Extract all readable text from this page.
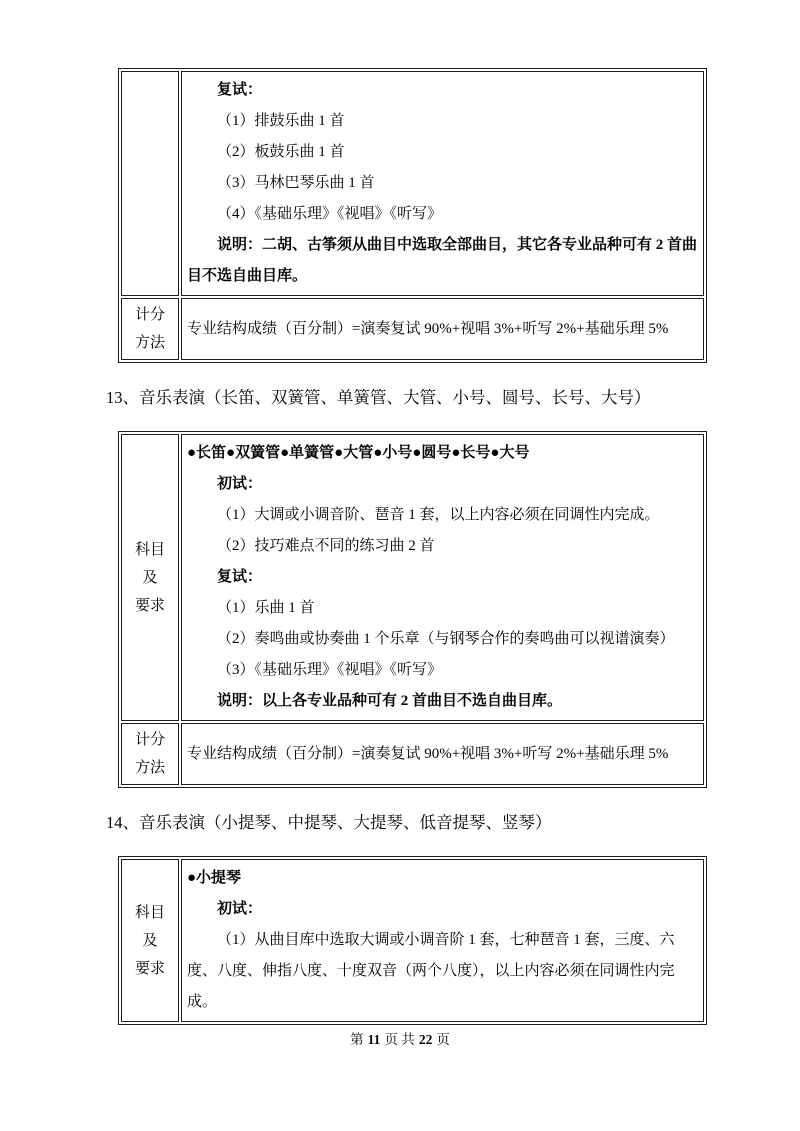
复试：
（1）排鼓乐曲 1 首
（2）板鼓乐曲 1 首
（3）马林巴琴乐曲 1 首
（4）《基础乐理》《视唱》《听写》
说明：二胡、古筝须从曲目中选取全部曲目，其它各专业品种可有 2 首曲目不选自曲目库。

计分
方法	专业结构成绩（百分制）=演奏复试 90%+视唱 3%+听写 2%+基础乐理 5%
13、音乐表演（长笛、双簧管、单簧管、大管、小号、圆号、长号、大号）
科目
及
要求

●长笛●双簧管●单簧管●大管●小号●圆号●长号●大号
初试：
（1）大调或小调音阶、琶音 1 套，以上内容必须在同调性内完成。
（2）技巧难点不同的练习曲 2 首
复试：
（1）乐曲 1 首
（2）奏鸣曲或协奏曲 1 个乐章（与钢琴合作的奏鸣曲可以视谱演奏）
（3）《基础乐理》《视唱》《听写》
说明：以上各专业品种可有 2 首曲目不选自曲目库。

计分
方法	专业结构成绩（百分制）=演奏复试 90%+视唱 3%+听写 2%+基础乐理 5%
14、音乐表演（小提琴、中提琴、大提琴、低音提琴、竖琴）
科目
及
要求

●小提琴
初试：
（1）从曲目库中选取大调或小调音阶 1 套，七种琶音 1 套，三度、六度、八度、伸指八度、十度双音（两个八度），以上内容必须在同调性内完成。
第 11 页 共 22 页
